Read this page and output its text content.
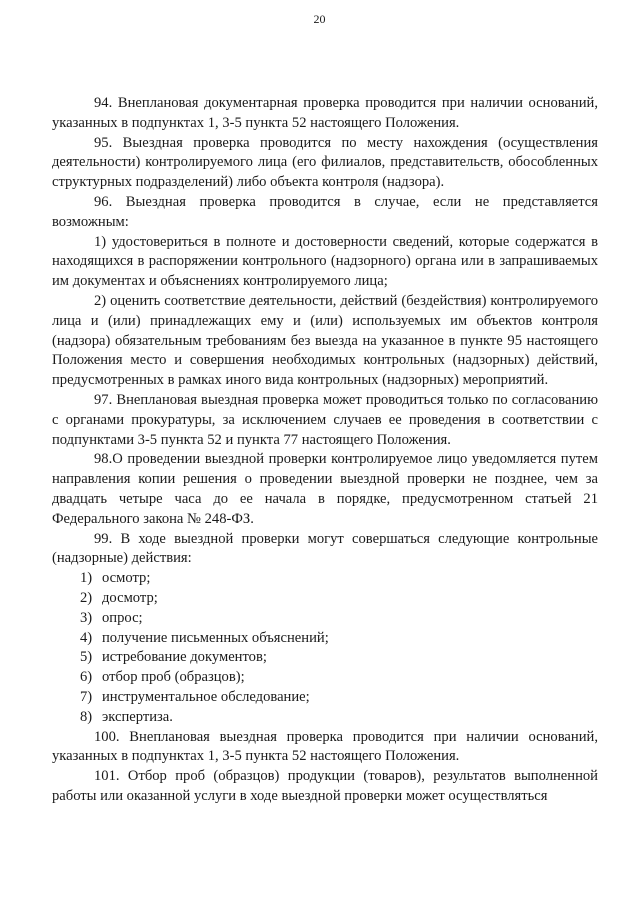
20

94. Внеплановая документарная проверка проводится при наличии оснований, указанных в подпунктах 1, 3-5 пункта 52 настоящего Положения.

95. Выездная проверка проводится по месту нахождения (осуществления деятельности) контролируемого лица (его филиалов, представительств, обособленных структурных подразделений) либо объекта контроля (надзора).

96. Выездная проверка проводится в случае, если не представляется возможным:

1) удостовериться в полноте и достоверности сведений, которые содержатся в находящихся в распоряжении контрольного (надзорного) органа или в запрашиваемых им документах и объяснениях контролируемого лица;

2) оценить соответствие деятельности, действий (бездействия) контролируемого лица и (или) принадлежащих ему и (или) используемых им объектов контроля (надзора) обязательным требованиям без выезда на указанное в пункте 95 настоящего Положения место и совершения необходимых контрольных (надзорных) действий, предусмотренных в рамках иного вида контрольных (надзорных) мероприятий.

97. Внеплановая выездная проверка может проводиться только по согласованию с органами прокуратуры, за исключением случаев ее проведения в соответствии с подпунктами 3-5 пункта 52 и пункта 77 настоящего Положения.

98.О проведении выездной проверки контролируемое лицо уведомляется путем направления копии решения о проведении выездной проверки не позднее, чем за двадцать четыре часа до ее начала в порядке, предусмотренном статьей 21 Федерального закона № 248-ФЗ.

99. В ходе выездной проверки могут совершаться следующие контрольные (надзорные) действия:

1) осмотр;

2) досмотр;

3) опрос;

4) получение письменных объяснений;

5) истребование документов;

6) отбор проб (образцов);

7) инструментальное обследование;

8) экспертиза.

100. Внеплановая выездная проверка проводится при наличии оснований, указанных в подпунктах 1, 3-5 пункта 52 настоящего Положения.

101. Отбор проб (образцов) продукции (товаров), результатов выполненной работы или оказанной услуги в ходе выездной проверки может осуществляться
